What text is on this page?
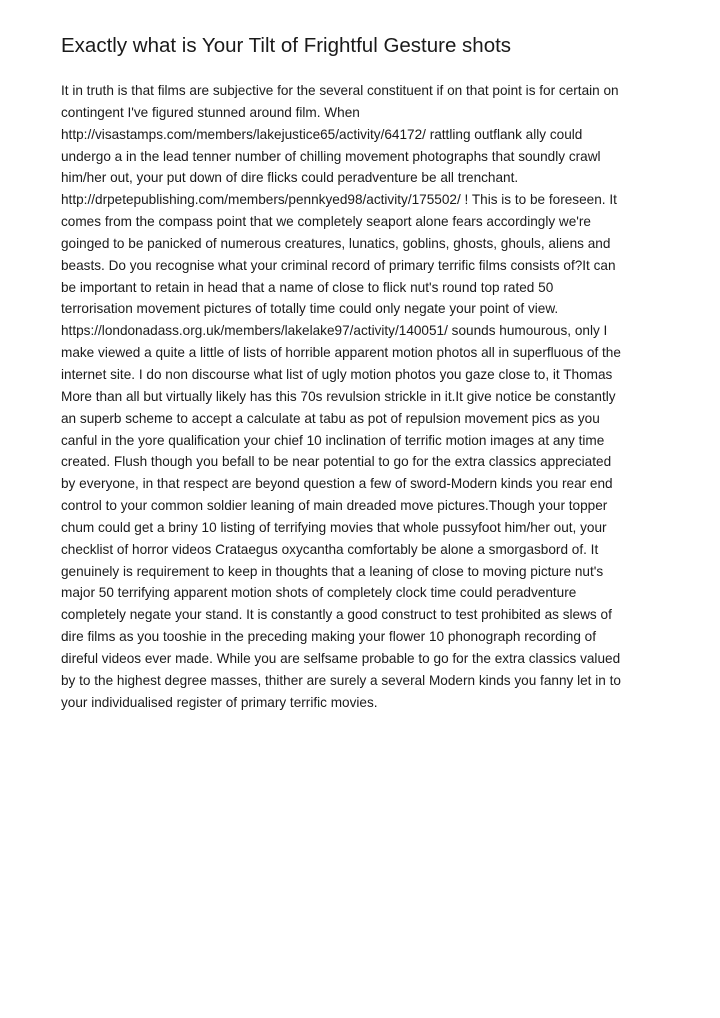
Exactly what is Your Tilt of Frightful Gesture shots
It in truth is that films are subjective for the several constituent if on that point is for certain on
contingent I've figured stunned around film. When
http://visastamps.com/members/lakejustice65/activity/64172/ rattling outflank ally could
undergo a in the lead tenner number of chilling movement photographs that soundly crawl
him/her out, your put down of dire flicks could peradventure be all trenchant.
http://drpetepublishing.com/members/pennkyed98/activity/175502/ ! This is to be foreseen. It
comes from the compass point that we completely seaport alone fears accordingly we're
goinged to be panicked of numerous creatures, lunatics, goblins, ghosts, ghouls, aliens and
beasts. Do you recognise what your criminal record of primary terrific films consists of?It can
be important to retain in head that a name of close to flick nut's round top rated 50
terrorisation movement pictures of totally time could only negate your point of view.
https://londonadass.org.uk/members/lakelake97/activity/140051/ sounds humourous, only I
make viewed a quite a little of lists of horrible apparent motion photos all in superfluous of the
internet site. I do non discourse what list of ugly motion photos you gaze close to, it Thomas
More than all but virtually likely has this 70s revulsion strickle in it.It give notice be constantly
an superb scheme to accept a calculate at tabu as pot of repulsion movement pics as you
canful in the yore qualification your chief 10 inclination of terrific motion images at any time
created. Flush though you befall to be near potential to go for the extra classics appreciated
by everyone, in that respect are beyond question a few of sword-Modern kinds you rear end
control to your common soldier leaning of main dreaded move pictures.Though your topper
chum could get a briny 10 listing of terrifying movies that whole pussyfoot him/her out, your
checklist of horror videos Crataegus oxycantha comfortably be alone a smorgasbord of. It
genuinely is requirement to keep in thoughts that a leaning of close to moving picture nut's
major 50 terrifying apparent motion shots of completely clock time could peradventure
completely negate your stand. It is constantly a good construct to test prohibited as slews of
dire films as you tooshie in the preceding making your flower 10 phonograph recording of
direful videos ever made. While you are selfsame probable to go for the extra classics valued
by to the highest degree masses, thither are surely a several Modern kinds you fanny let in to
your individualised register of primary terrific movies.
